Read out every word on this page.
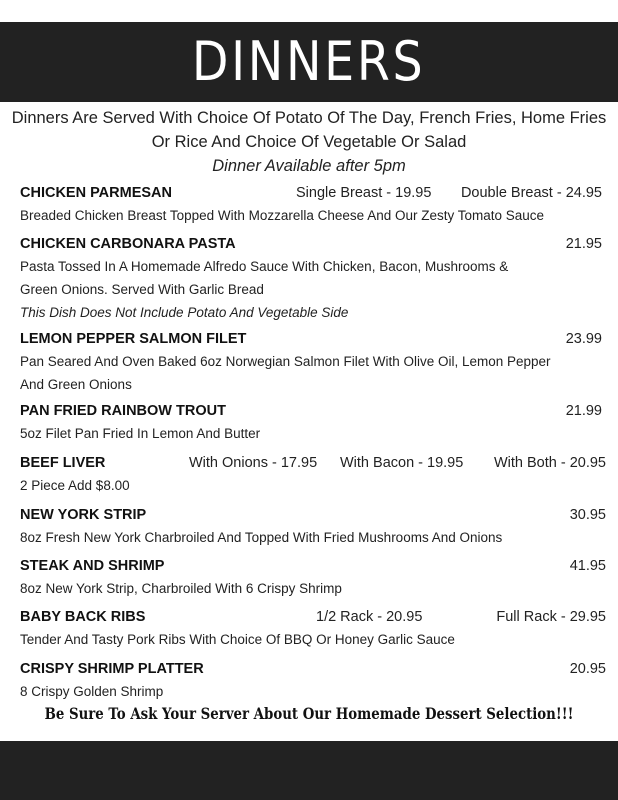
DINNERS
Dinners Are Served With Choice Of Potato Of The Day, French Fries, Home Fries
Or Rice And Choice Of Vegetable Or Salad
Dinner Available after 5pm
CHICKEN PARMESAN	Single Breast - 19.95 Double Breast - 24.95
Breaded Chicken Breast Topped With Mozzarella Cheese And Our Zesty Tomato Sauce
CHICKEN CARBONARA PASTA	21.95
Pasta Tossed In A Homemade Alfredo Sauce With Chicken, Bacon, Mushrooms &
Green Onions. Served With Garlic Bread
This Dish Does Not Include Potato And Vegetable Side
LEMON PEPPER SALMON FILET	23.99
Pan Seared And Oven Baked 6oz Norwegian Salmon Filet With Olive Oil, Lemon Pepper
And Green Onions
PAN FRIED RAINBOW TROUT	21.99
5oz Filet Pan Fried In Lemon And Butter
BEEF LIVER	With Onions - 17.95 With Bacon - 19.95 With Both - 20.95
2 Piece Add $8.00
NEW YORK STRIP	30.95
8oz Fresh New York Charbroiled And Topped With Fried Mushrooms And Onions
STEAK AND SHRIMP	41.95
8oz New York Strip, Charbroiled With 6 Crispy Shrimp
BABY BACK RIBS	1/2 Rack - 20.95	Full Rack - 29.95
Tender And Tasty Pork Ribs With Choice Of BBQ Or Honey Garlic Sauce
CRISPY SHRIMP PLATTER	20.95
8 Crispy Golden Shrimp
Be Sure To Ask Your Server About Our Homemade Dessert Selection!!!
